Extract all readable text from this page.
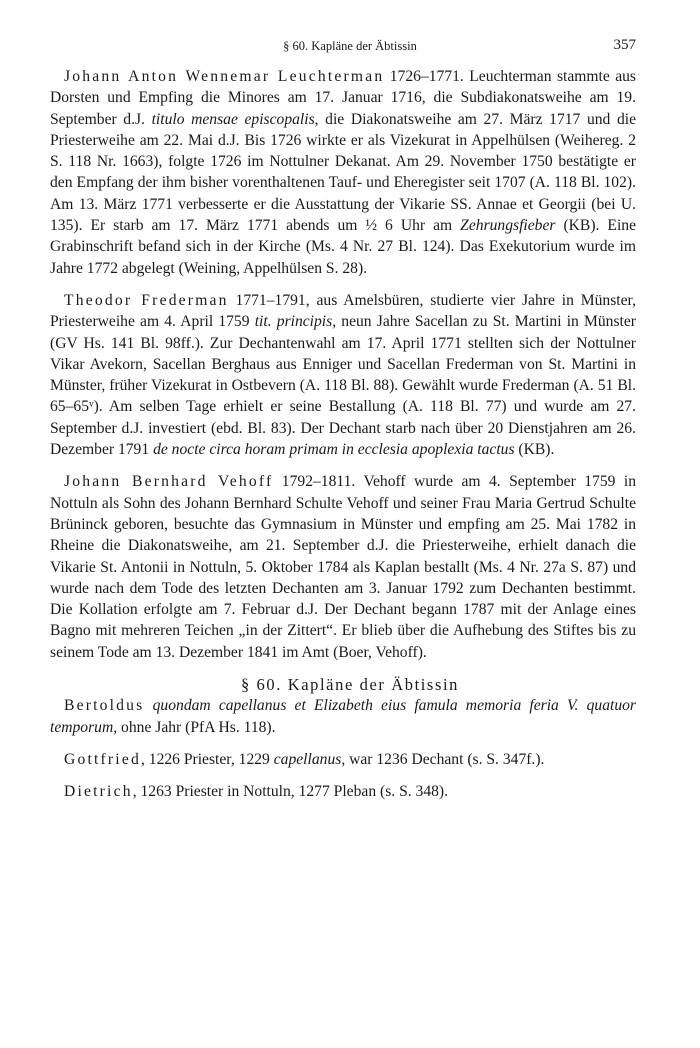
§ 60. Kapläne der Äbtissin	357

Johann Anton Wennemar Leuchterman 1726–1771. Leuchterman stammte aus Dorsten und Empfing die Minores am 17. Januar 1716, die Subdiakonatsweihe am 19. September d.J. titulo mensae episcopalis, die Diakonatsweihe am 27. März 1717 und die Priesterweihe am 22. Mai d.J. Bis 1726 wirkte er als Vizekurat in Appelhülsen (Weihereg. 2 S. 118 Nr. 1663), folgte 1726 im Nottulner Dekanat. Am 29. November 1750 bestätigte er den Empfang der ihm bisher vorenthaltenen Tauf- und Eheregister seit 1707 (A. 118 Bl. 102). Am 13. März 1771 verbesserte er die Ausstattung der Vikarie SS. Annae et Georgii (bei U. 135). Er starb am 17. März 1771 abends um ½ 6 Uhr am Zehrungsfieber (KB). Eine Grabinschrift befand sich in der Kirche (Ms. 4 Nr. 27 Bl. 124). Das Exekutorium wurde im Jahre 1772 abgelegt (Weining, Appelhülsen S. 28).

Theodor Frederman 1771–1791, aus Amelsbüren, studierte vier Jahre in Münster, Priesterweihe am 4. April 1759 tit. principis, neun Jahre Sacellan zu St. Martini in Münster (GV Hs. 141 Bl. 98ff.). Zur Dechantenwahl am 17. April 1771 stellten sich der Nottulner Vikar Avekorn, Sacellan Berghaus aus Enniger und Sacellan Frederman von St. Martini in Münster, früher Vizekurat in Ostbevern (A. 118 Bl. 88). Gewählt wurde Frederman (A. 51 Bl. 65–65ᵛ). Am selben Tage erhielt er seine Bestallung (A. 118 Bl. 77) und wurde am 27. September d.J. investiert (ebd. Bl. 83). Der Dechant starb nach über 20 Dienstjahren am 26. Dezember 1791 de nocte circa horam primam in ecclesia apoplexia tactus (KB).

Johann Bernhard Vehoff 1792–1811. Vehoff wurde am 4. September 1759 in Nottuln als Sohn des Johann Bernhard Schulte Vehoff und seiner Frau Maria Gertrud Schulte Brüninck geboren, besuchte das Gymnasium in Münster und empfing am 25. Mai 1782 in Rheine die Diakonatsweihe, am 21. September d.J. die Priesterweihe, erhielt danach die Vikarie St. Antonii in Nottuln, 5. Oktober 1784 als Kaplan bestallt (Ms. 4 Nr. 27a S. 87) und wurde nach dem Tode des letzten Dechanten am 3. Januar 1792 zum Dechanten bestimmt. Die Kollation erfolgte am 7. Februar d.J. Der Dechant begann 1787 mit der Anlage eines Bagno mit mehreren Teichen „in der Zittert“. Er blieb über die Aufhebung des Stiftes bis zu seinem Tode am 13. Dezember 1841 im Amt (Boer, Vehoff).

§ 60. Kapläne der Äbtissin

Bertoldus quondam capellanus et Elizabeth eius famula memoria feria V. quatuor temporum, ohne Jahr (PfA Hs. 118).

Gottfried, 1226 Priester, 1229 capellanus, war 1236 Dechant (s. S. 347f.).

Dietrich, 1263 Priester in Nottuln, 1277 Pleban (s. S. 348).
